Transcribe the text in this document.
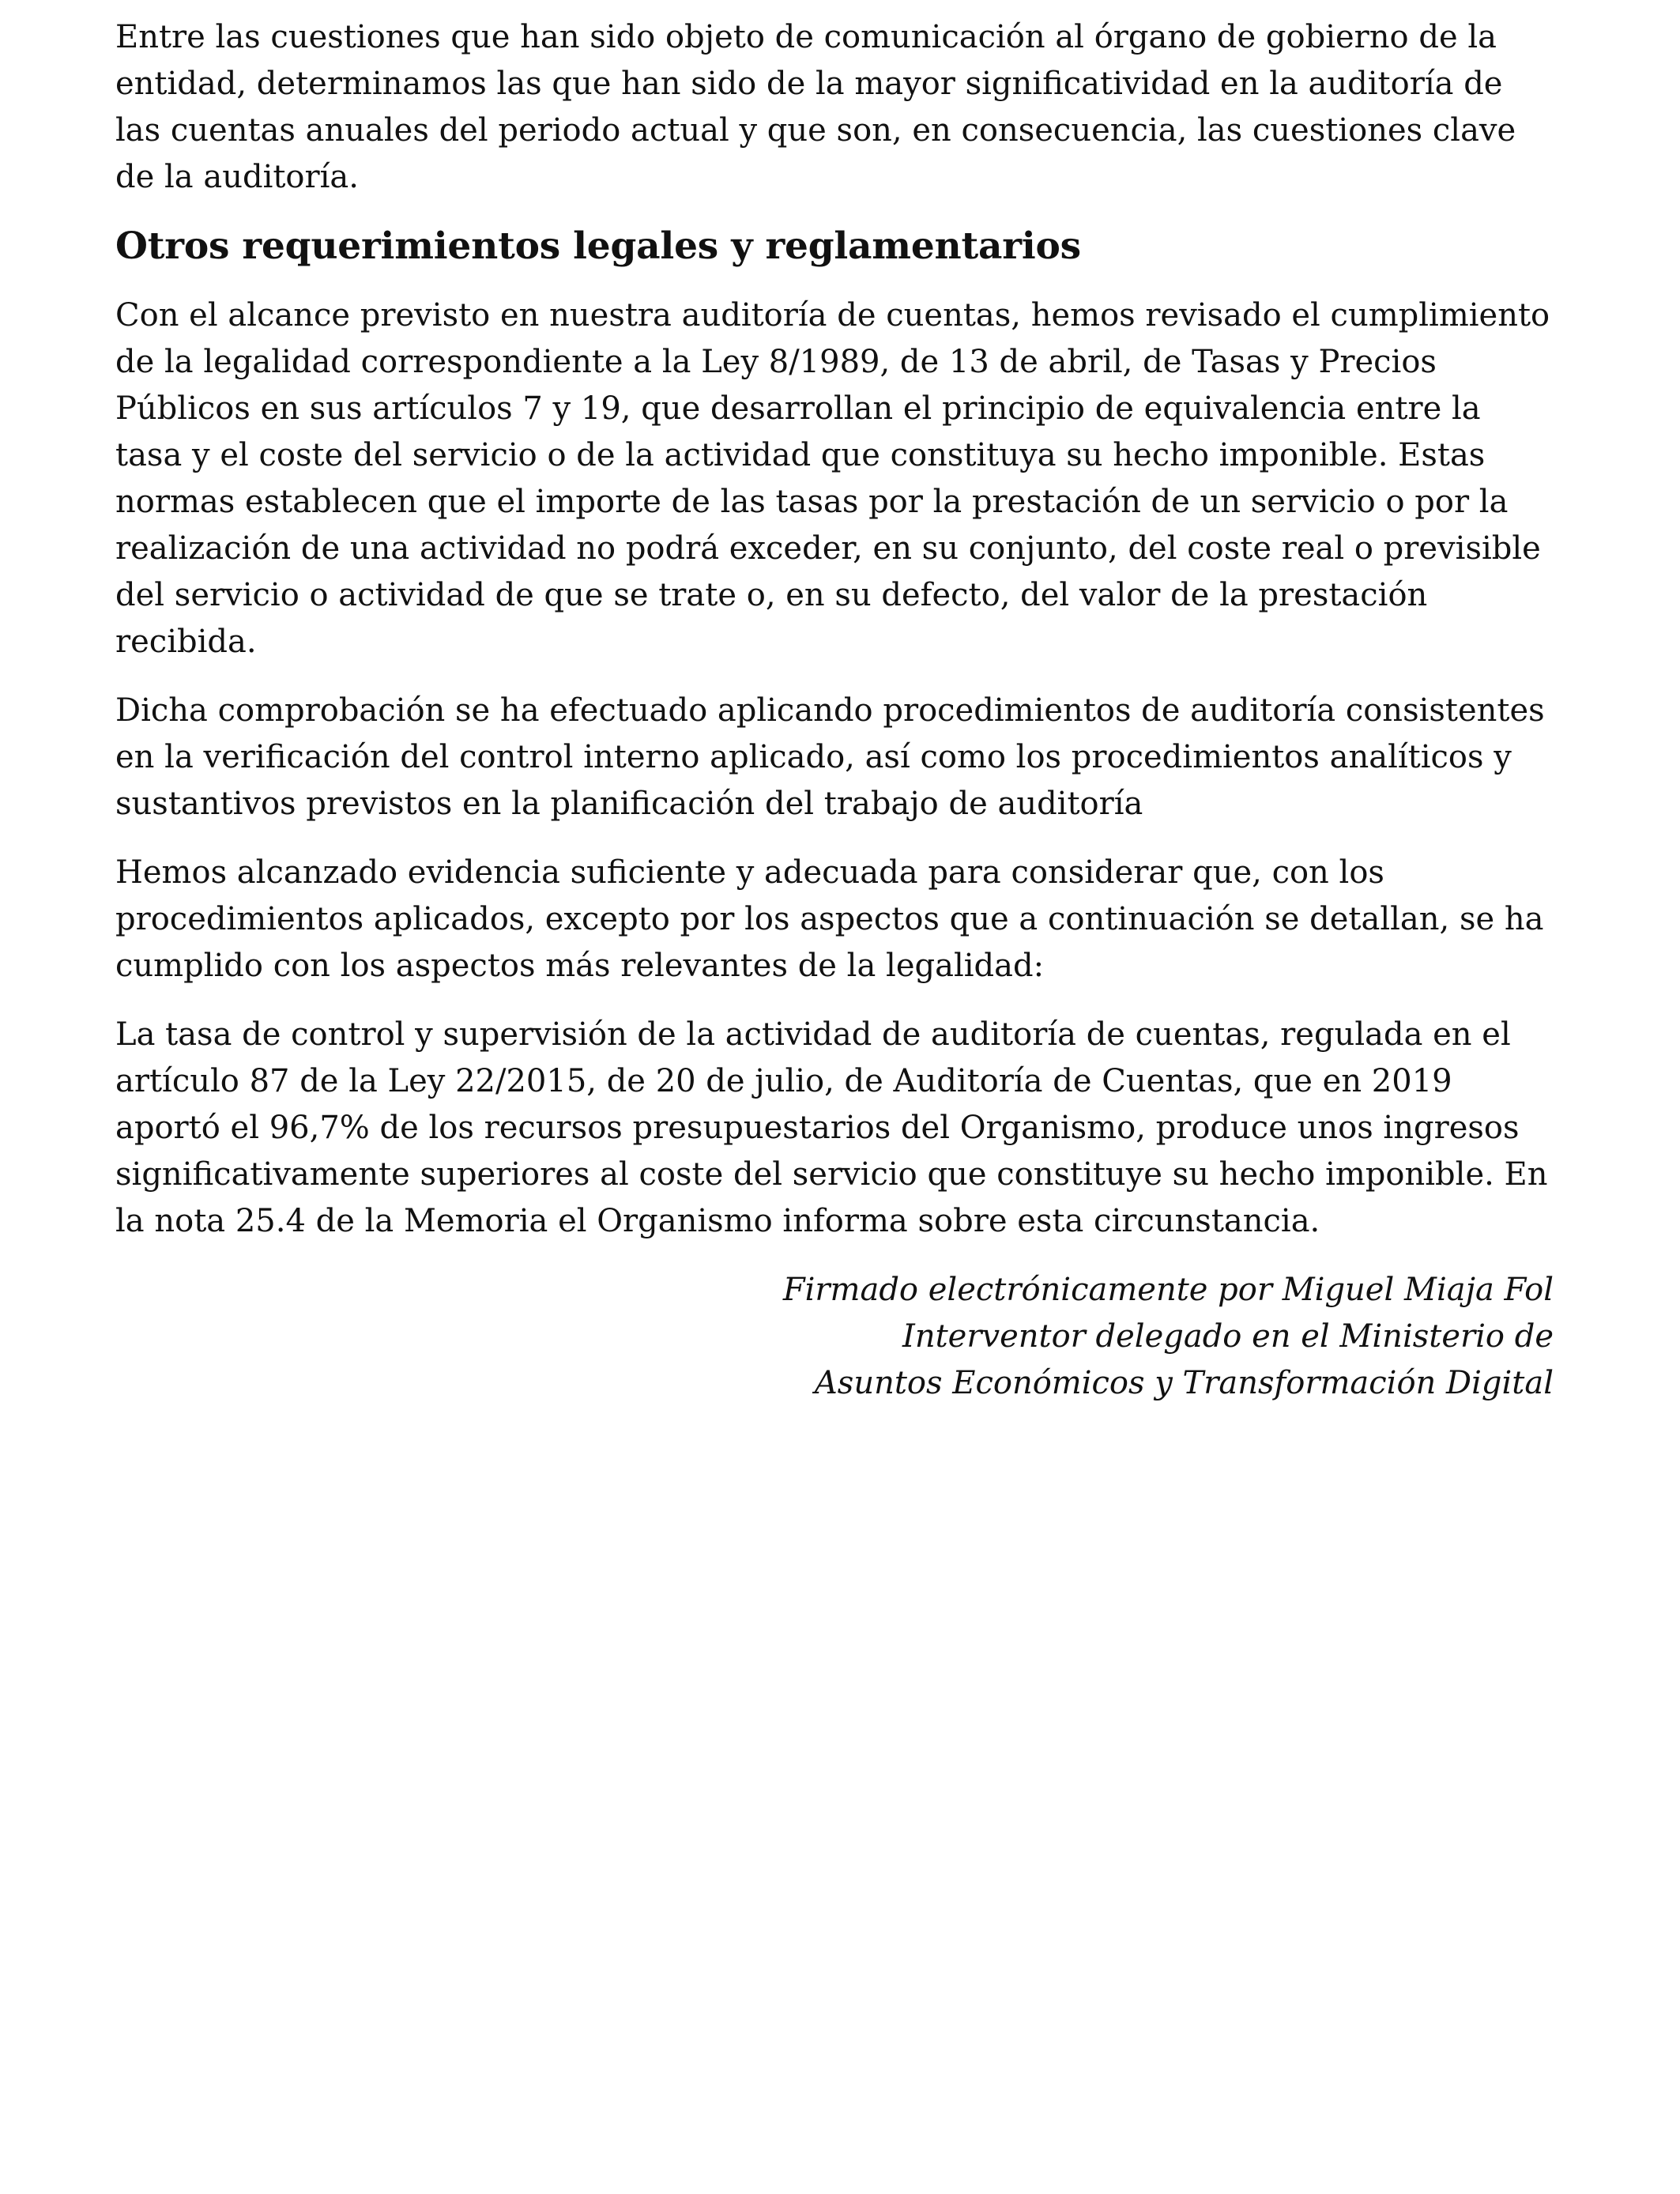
Entre las cuestiones que han sido objeto de comunicación al órgano de gobierno de la entidad, determinamos las que han sido de la mayor significatividad en la auditoría de las cuentas anuales del periodo actual y que son, en consecuencia, las cuestiones clave de la auditoría.

Otros requerimientos legales y reglamentarios

Con el alcance previsto en nuestra auditoría de cuentas, hemos revisado el cumplimiento de la legalidad correspondiente a la Ley 8/1989, de 13 de abril, de Tasas y Precios Públicos en sus artículos 7 y 19, que desarrollan el principio de equivalencia entre la tasa y el coste del servicio o de la actividad que constituya su hecho imponible. Estas normas establecen que el importe de las tasas por la prestación de un servicio o por la realización de una actividad no podrá exceder, en su conjunto, del coste real o previsible del servicio o actividad de que se trate o, en su defecto, del valor de la prestación recibida.

Dicha comprobación se ha efectuado aplicando procedimientos de auditoría consistentes en la verificación del control interno aplicado, así como los procedimientos analíticos y sustantivos previstos en la planificación del trabajo de auditoría

Hemos alcanzado evidencia suficiente y adecuada para considerar que, con los procedimientos aplicados, excepto por los aspectos que a continuación se detallan, se ha cumplido con los aspectos más relevantes de la legalidad:

La tasa de control y supervisión de la actividad de auditoría de cuentas, regulada en el artículo 87 de la Ley 22/2015, de 20 de julio, de Auditoría de Cuentas, que en 2019 aportó el 96,7% de los recursos presupuestarios del Organismo, produce unos ingresos significativamente superiores al coste del servicio que constituye su hecho imponible. En la nota 25.4 de la Memoria el Organismo informa sobre esta circunstancia.

Firmado electrónicamente por Miguel Miaja Fol
Interventor delegado en el Ministerio de
Asuntos Económicos y Transformación Digital
